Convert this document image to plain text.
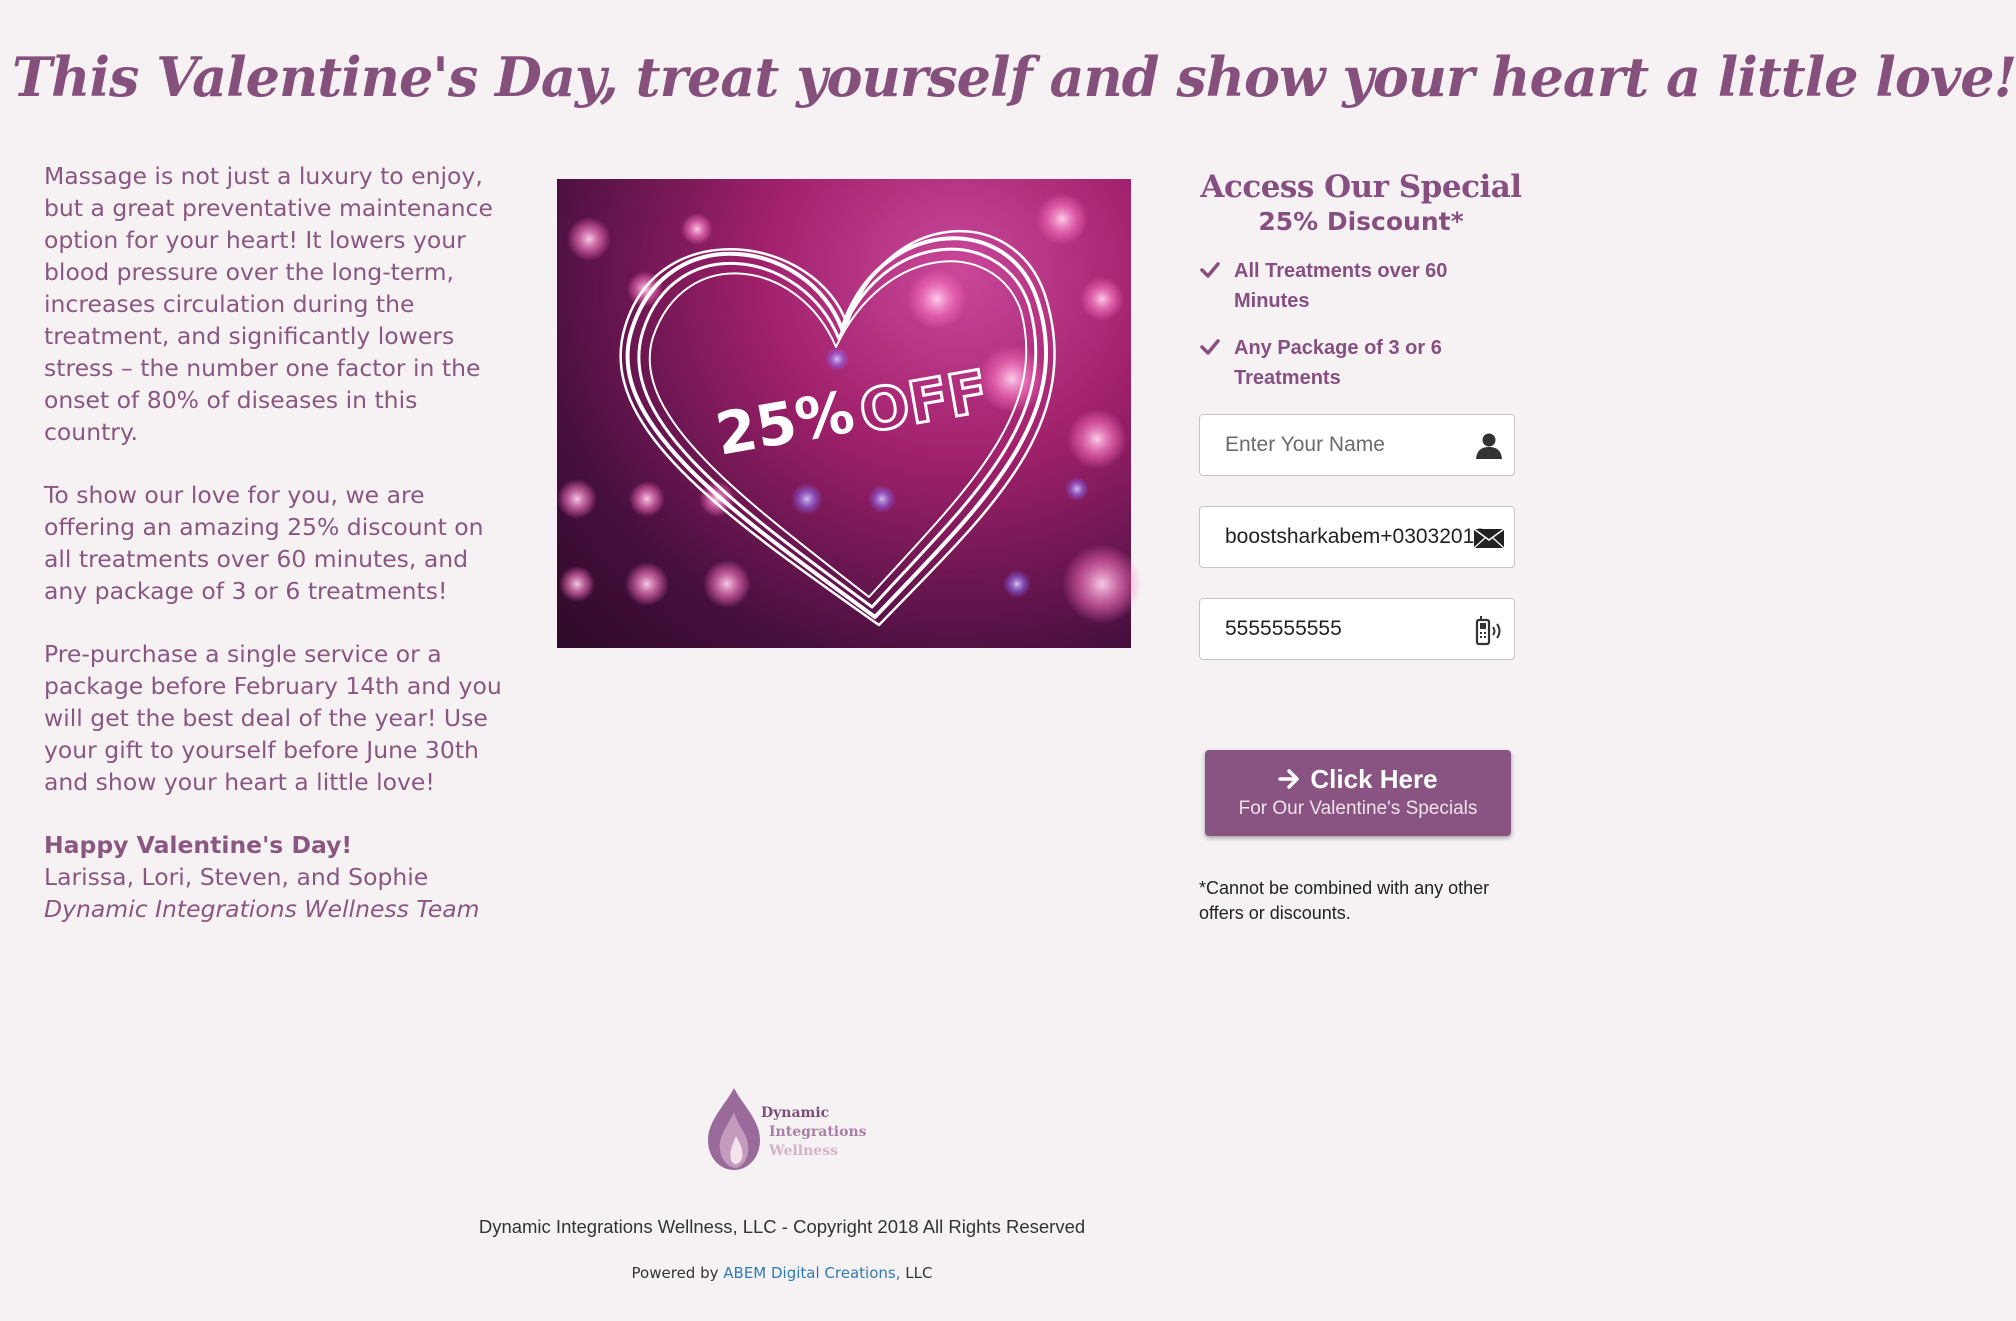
This Valentine's Day, treat yourself and show your heart a little love!

Massage is not just a luxury to enjoy, but a great preventative maintenance option for your heart! It lowers your blood pressure over the long-term, increases circulation during the treatment, and significantly lowers stress – the number one factor in the onset of 80% of diseases in this country.

To show our love for you, we are offering an amazing 25% discount on all treatments over 60 minutes, and any package of 3 or 6 treatments!

Pre-purchase a single service or a package before February 14th and you will get the best deal of the year! Use your gift to yourself before June 30th and show your heart a little love!

Happy Valentine's Day!
Larissa, Lori, Steven, and Sophie
Dynamic Integrations Wellness Team
25%
OFF
Access Our Special
25% Discount*
All Treatments over 60 Minutes
Any Package of 3 or 6 Treatments
Enter Your Name
boostsharkabem+03032018
5555555555
Click Here
For Our Valentine's Specials
*Cannot be combined with any other offers or discounts.
Dynamic
Integrations
Wellness
Dynamic Integrations Wellness, LLC - Copyright 2018 All Rights Reserved
Powered by ABEM Digital Creations, LLC
